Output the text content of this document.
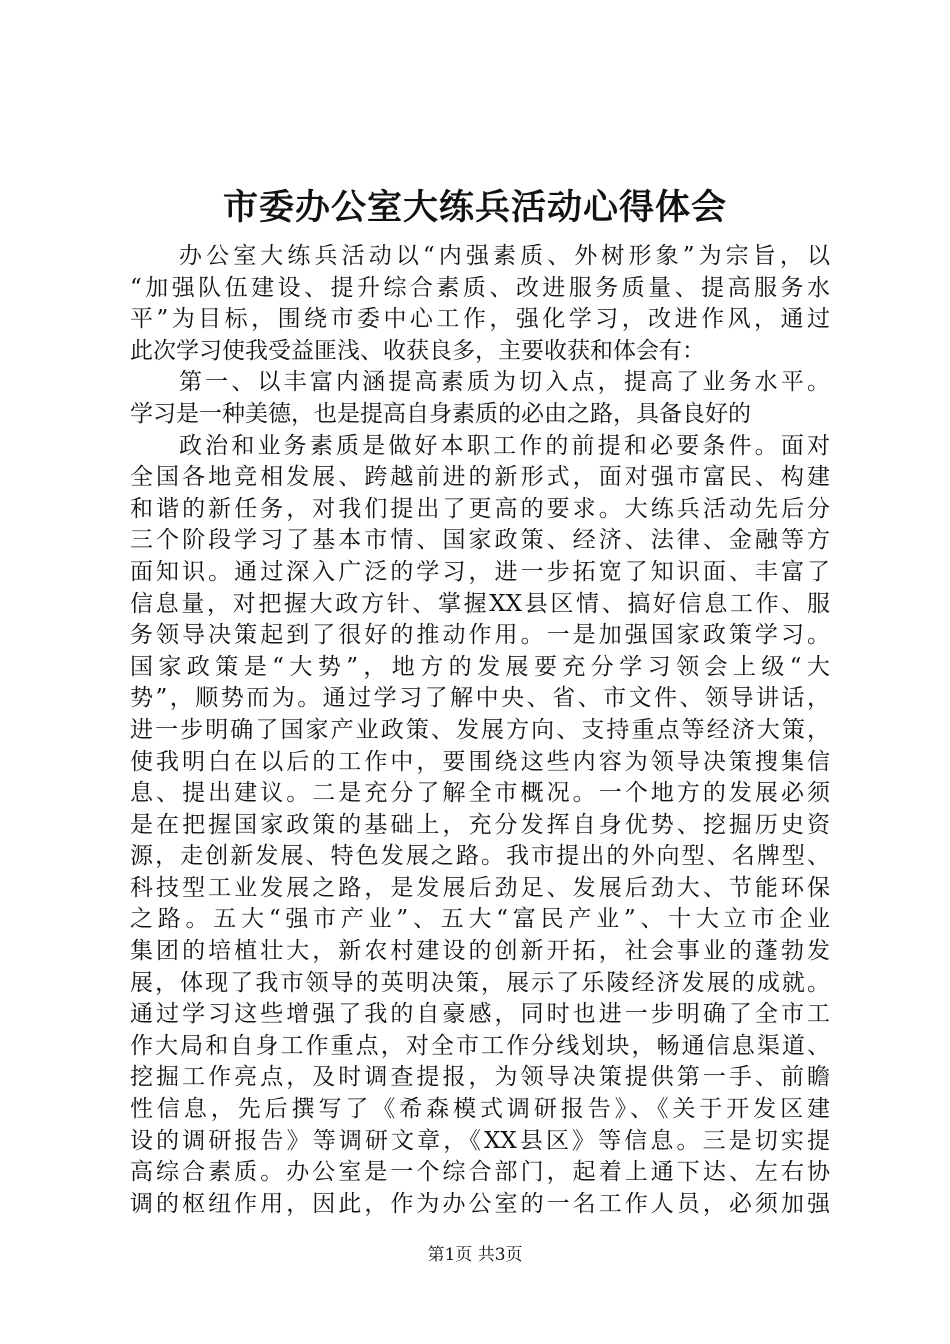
市委办公室大练兵活动心得体会
办公室大练兵活动以“内强素质、外树形象”为宗旨，以
“加强队伍建设、提升综合素质、改进服务质量、提高服务水
平”为目标，围绕市委中心工作，强化学习，改进作风，通过
此次学习使我受益匪浅、收获良多，主要收获和体会有：
第一、以丰富内涵提高素质为切入点，提高了业务水平。
学习是一种美德，也是提高自身素质的必由之路，具备良好的
政治和业务素质是做好本职工作的前提和必要条件。面对
全国各地竞相发展、跨越前进的新形式，面对强市富民、构建
和谐的新任务，对我们提出了更高的要求。大练兵活动先后分
三个阶段学习了基本市情、国家政策、经济、法律、金融等方
面知识。通过深入广泛的学习，进一步拓宽了知识面、丰富了
信息量，对把握大政方针、掌握XX县区情、搞好信息工作、服
务领导决策起到了很好的推动作用。一是加强国家政策学习。
国家政策是“大势”，地方的发展要充分学习领会上级“大
势”，顺势而为。通过学习了解中央、省、市文件、领导讲话，
进一步明确了国家产业政策、发展方向、支持重点等经济大策，
使我明白在以后的工作中，要围绕这些内容为领导决策搜集信
息、提出建议。二是充分了解全市概况。一个地方的发展必须
是在把握国家政策的基础上，充分发挥自身优势、挖掘历史资
源，走创新发展、特色发展之路。我市提出的外向型、名牌型、
科技型工业发展之路，是发展后劲足、发展后劲大、节能环保
之路。五大“强市产业”、五大“富民产业”、十大立市企业
集团的培植壮大，新农村建设的创新开拓，社会事业的蓬勃发
展，体现了我市领导的英明决策，展示了乐陵经济发展的成就。
通过学习这些增强了我的自豪感，同时也进一步明确了全市工
作大局和自身工作重点，对全市工作分线划块，畅通信息渠道、
挖掘工作亮点，及时调查提报，为领导决策提供第一手、前瞻
性信息，先后撰写了《希森模式调研报告》、《关于开发区建
设的调研报告》等调研文章，《XX县区》等信息。三是切实提
高综合素质。办公室是一个综合部门，起着上通下达、左右协
调的枢纽作用，因此，作为办公室的一名工作人员，必须加强
第1页 共3页
